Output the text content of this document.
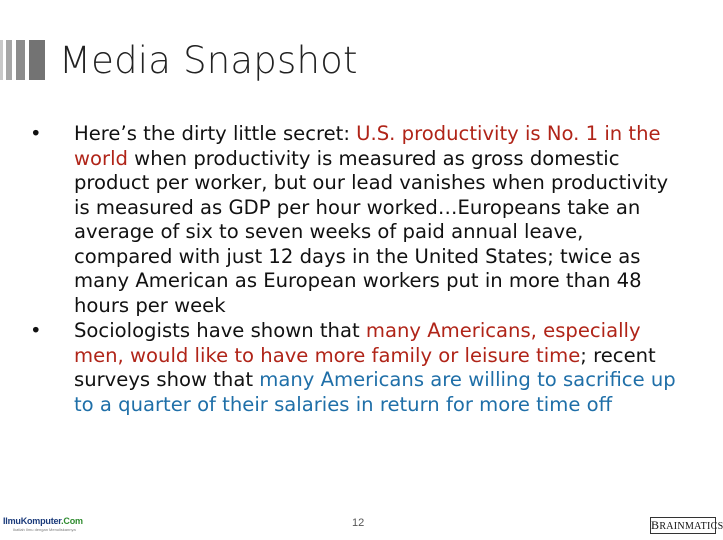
Media Snapshot
•
Here’s the dirty little secret: U.S. productivity is No. 1 in the world when productivity is measured as gross domestic product per worker, but our lead vanishes when productivity is measured as GDP per hour worked…Europeans take an average of six to seven weeks of paid annual leave, compared with just 12 days in the United States; twice as many American as European workers put in more than 48 hours per week
•
Sociologists have shown that many Americans, especially men, would like to have more family or leisure time; recent surveys show that many Americans are willing to sacrifice up to a quarter of their salaries in return for more time off
IlmuKomputer.Com
Ikatlah Ilmu dengan Menuliskannya
12	BRAINMATICS
